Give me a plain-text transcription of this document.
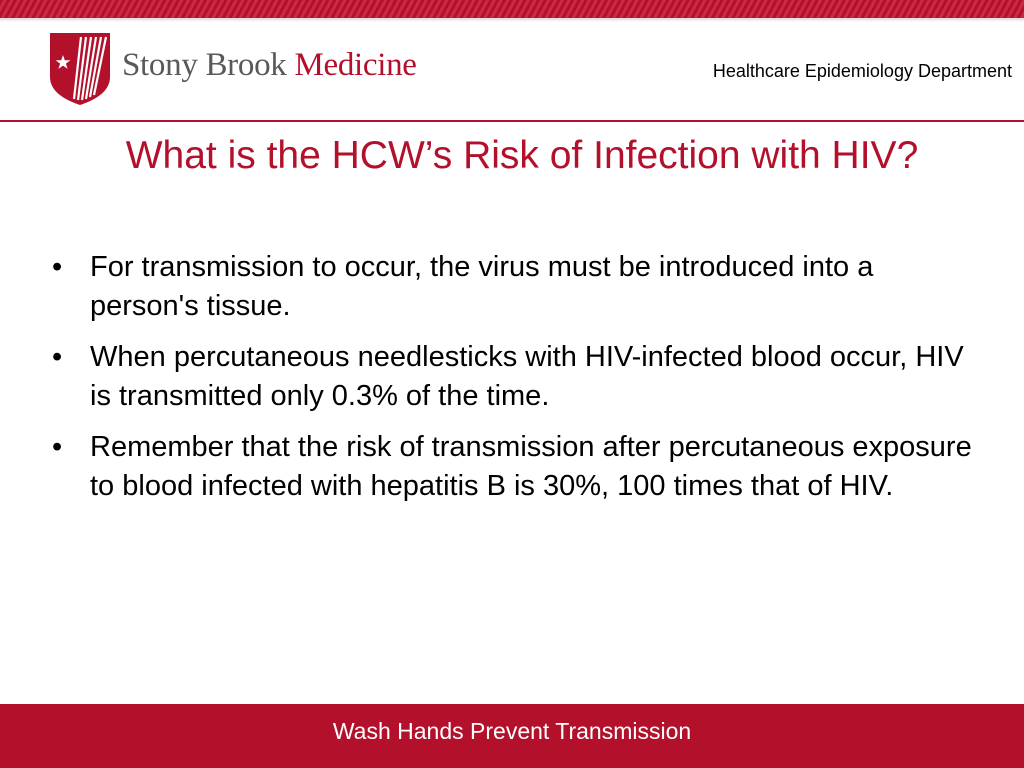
Stony Brook Medicine	Healthcare Epidemiology Department
What is the HCW’s Risk of Infection with HIV?
• For transmission to occur, the virus must be introduced into a person's tissue.
• When percutaneous needlesticks with HIV-infected blood occur, HIV is transmitted only 0.3% of the time.
• Remember that the risk of transmission after percutaneous exposure to blood infected with hepatitis B is 30%, 100 times that of HIV.
Wash Hands Prevent Transmission
